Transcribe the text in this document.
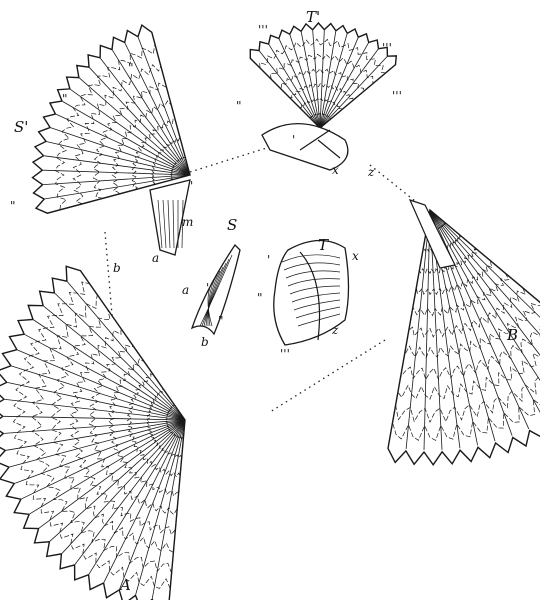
A
B
S
T
S'
T'
a
b
m
a
b
x
z
x z
"
"
"
"
"
"
'
'
'
'
'''
'''
'''
'''
